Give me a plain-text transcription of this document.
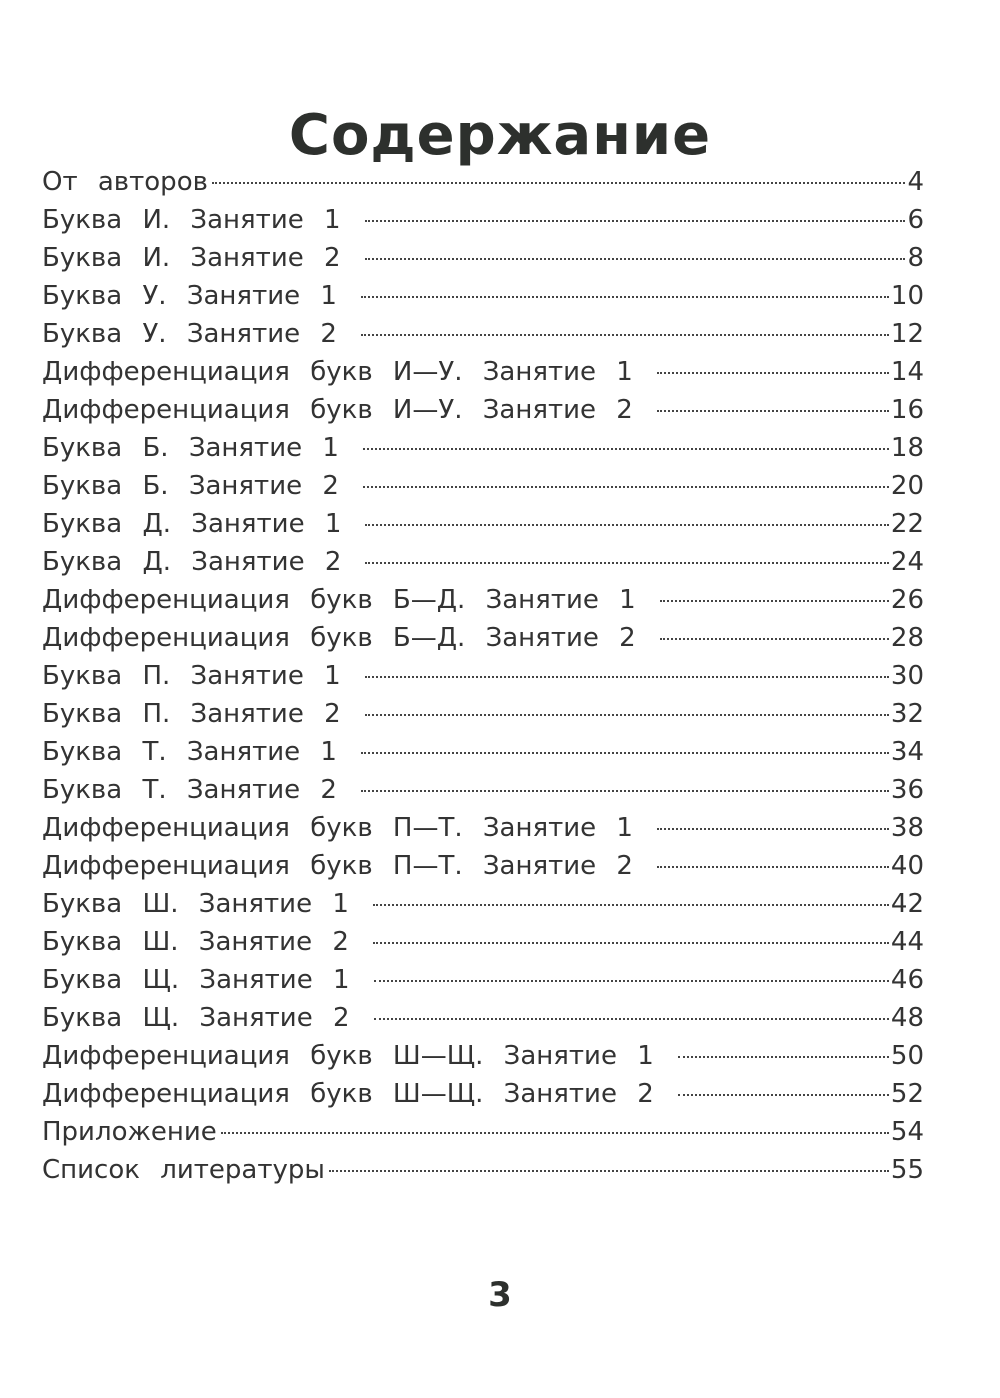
Содержание
От авторов	4
Буква И. Занятие 1	6
Буква И. Занятие 2	8
Буква У. Занятие 1	10
Буква У. Занятие 2	12
Дифференциация букв И—У. Занятие 1	14
Дифференциация букв И—У. Занятие 2	16
Буква Б. Занятие 1	18
Буква Б. Занятие 2	20
Буква Д. Занятие 1	22
Буква Д. Занятие 2	24
Дифференциация букв Б—Д. Занятие 1	26
Дифференциация букв Б—Д. Занятие 2	28
Буква П. Занятие 1	30
Буква П. Занятие 2	32
Буква Т. Занятие 1	34
Буква Т. Занятие 2	36
Дифференциация букв П—Т. Занятие 1	38
Дифференциация букв П—Т. Занятие 2	40
Буква Ш. Занятие 1	42
Буква Ш. Занятие 2	44
Буква Щ. Занятие 1	46
Буква Щ. Занятие 2	48
Дифференциация букв Ш—Щ. Занятие 1	50
Дифференциация букв Ш—Щ. Занятие 2	52
Приложение	54
Список литературы	55
3
